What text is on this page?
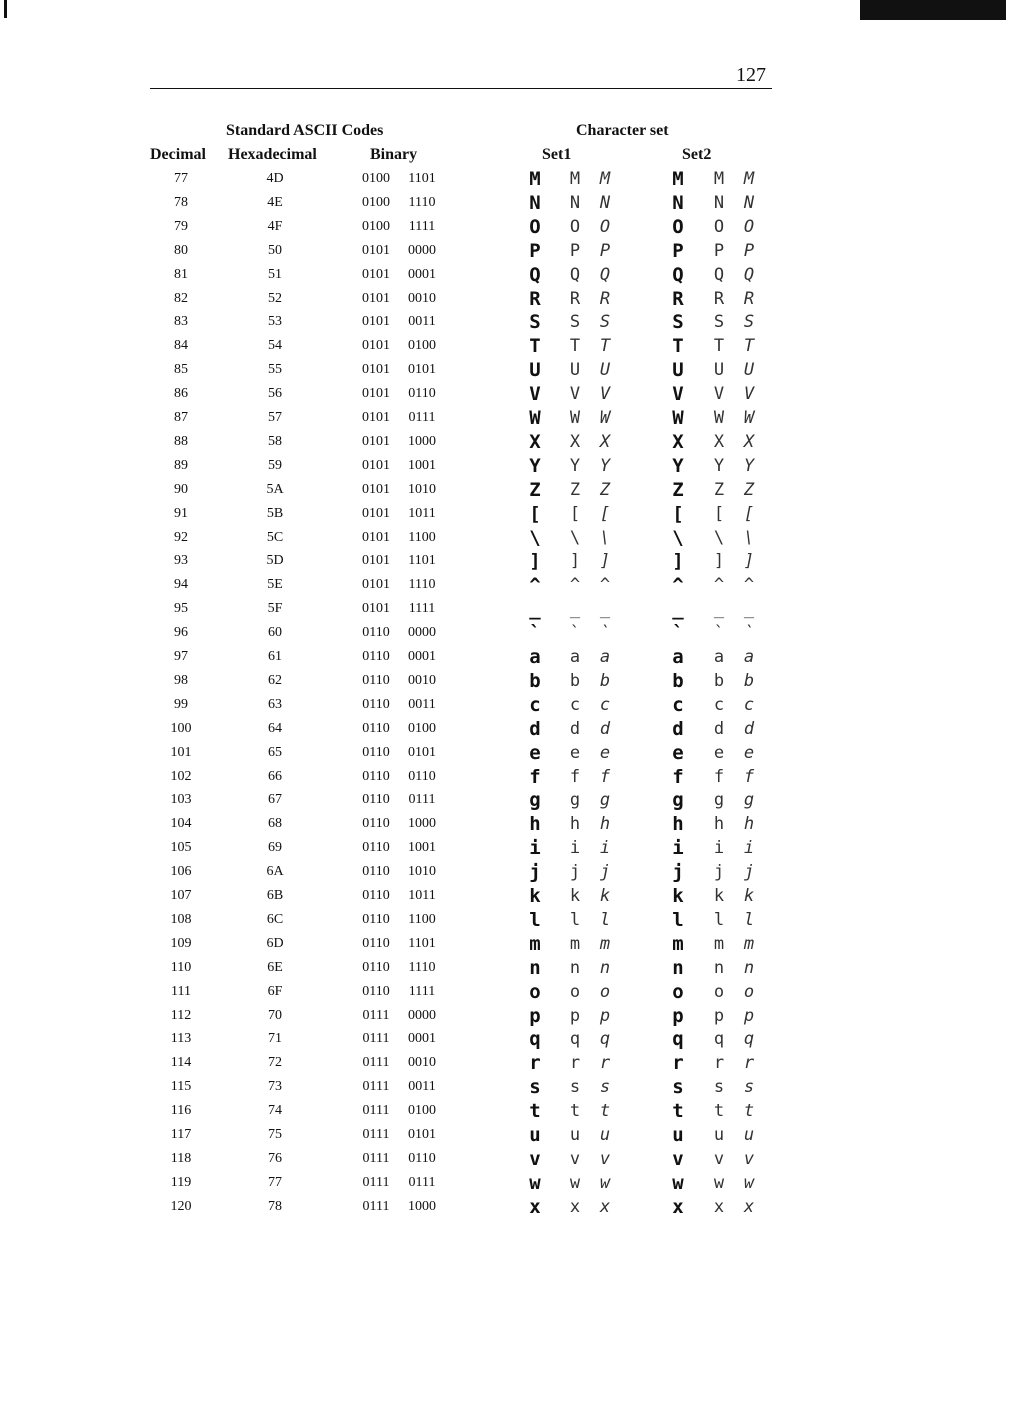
127
Standard ASCII Codes	Character set
Decimal Hexadecimal	Binary	Set1	Set2
77	4D	0100	1101	M	M	M	M	M	M
78	4E	0100	1110	N	N	N	N	N	N
79	4F	0100	1111	O	O	O	O	O	O
80	50	0101	0000	P	P	P	P	P	P
81	51	0101	0001	Q	Q	Q	Q	Q	Q
82	52	0101	0010	R	R	R	R	R	R
83	53	0101	0011	S	S	S	S	S	S
84	54	0101	0100	T	T	T	T	T	T
85	55	0101	0101	U	U	U	U	U	U
86	56	0101	0110	V	V	V	V	V	V
87	57	0101	0111	W	W	W	W	W	W
88	58	0101	1000	X	X	X	X	X	X
89	59	0101	1001	Y	Y	Y	Y	Y	Y
90	5A	0101	1010	Z	Z	Z	Z	Z	Z
91	5B	0101	1011	[	[	[	[	[	[
92	5C	0101	1100	\	\	\	\	\	\
93	5D	0101	1101	]	]	]	]	]	]
94	5E	0101	1110	^	^	^	^	^	^
95	5F	0101	1111	_	_	_	_	_	_
96	60	0110	0000	`	`	`	`	`	`
97	61	0110	0001	a	a	a	a	a	a
98	62	0110	0010	b	b	b	b	b	b
99	63	0110	0011	c	c	c	c	c	c
100	64	0110	0100	d	d	d	d	d	d
101	65	0110	0101	e	e	e	e	e	e
102	66	0110	0110	f	f	f	f	f	f
103	67	0110	0111	g	g	g	g	g	g
104	68	0110	1000	h	h	h	h	h	h
105	69	0110	1001	i	i	i	i	i	i
106	6A	0110	1010	j	j	j	j	j	j
107	6B	0110	1011	k	k	k	k	k	k
108	6C	0110	1100	l	l	l	l	l	l
109	6D	0110	1101	m	m	m	m	m	m
110	6E	0110	1110	n	n	n	n	n	n
111	6F	0110	1111	o	o	o	o	o	o
112	70	0111	0000	p	p	p	p	p	p
113	71	0111	0001	q	q	q	q	q	q
114	72	0111	0010	r	r	r	r	r	r
115	73	0111	0011	s	s	s	s	s	s
116	74	0111	0100	t	t	t	t	t	t
117	75	0111	0101	u	u	u	u	u	u
118	76	0111	0110	v	v	v	v	v	v
119	77	0111	0111	w	w	w	w	w	w
120	78	0111	1000	x	x	x	x	x	x
